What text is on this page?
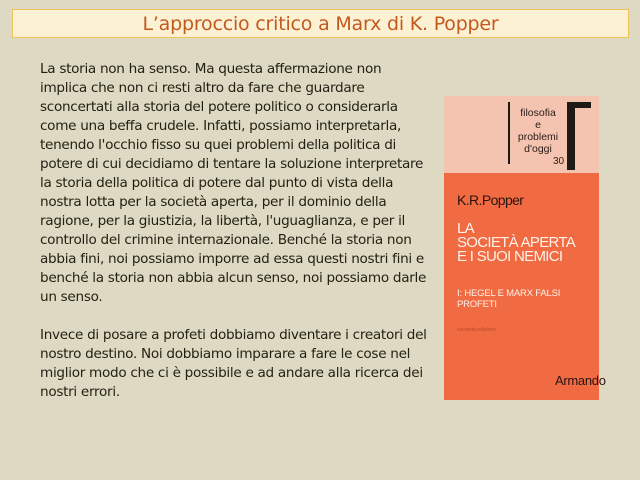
L’approccio critico a Marx di K. Popper

La storia non ha senso. Ma questa affermazione non implica che non ci resti altro da fare che guardare sconcertati alla storia del potere politico o considerarla come una beffa crudele. Infatti, possiamo interpretarla, tenendo l'occhio fisso su quei problemi della politica di potere di cui decidiamo di tentare la soluzione interpretare la storia della politica di potere dal punto di vista della nostra lotta per la società aperta, per il dominio della ragione, per la giustizia, la libertà, l'uguaglianza, e per il controllo del crimine internazionale. Benché la storia non abbia fini, noi possiamo imporre ad essa questi nostri fini e benché la storia non abbia alcun senso, noi possiamo darle un senso.

Invece di posare a profeti dobbiamo diventare i creatori del nostro destino. Noi dobbiamo imparare a fare le cose nel miglior modo che ci è possibile e ad andare alla ricerca dei nostri errori.

filosofia
e
problemi d'oggi
30
K.R.Popper
LA
SOCIETÀ APERTA
E I SUOI NEMICI
I: HEGEL E MARX FALSI PROFETI
seconda edizione
Armando
